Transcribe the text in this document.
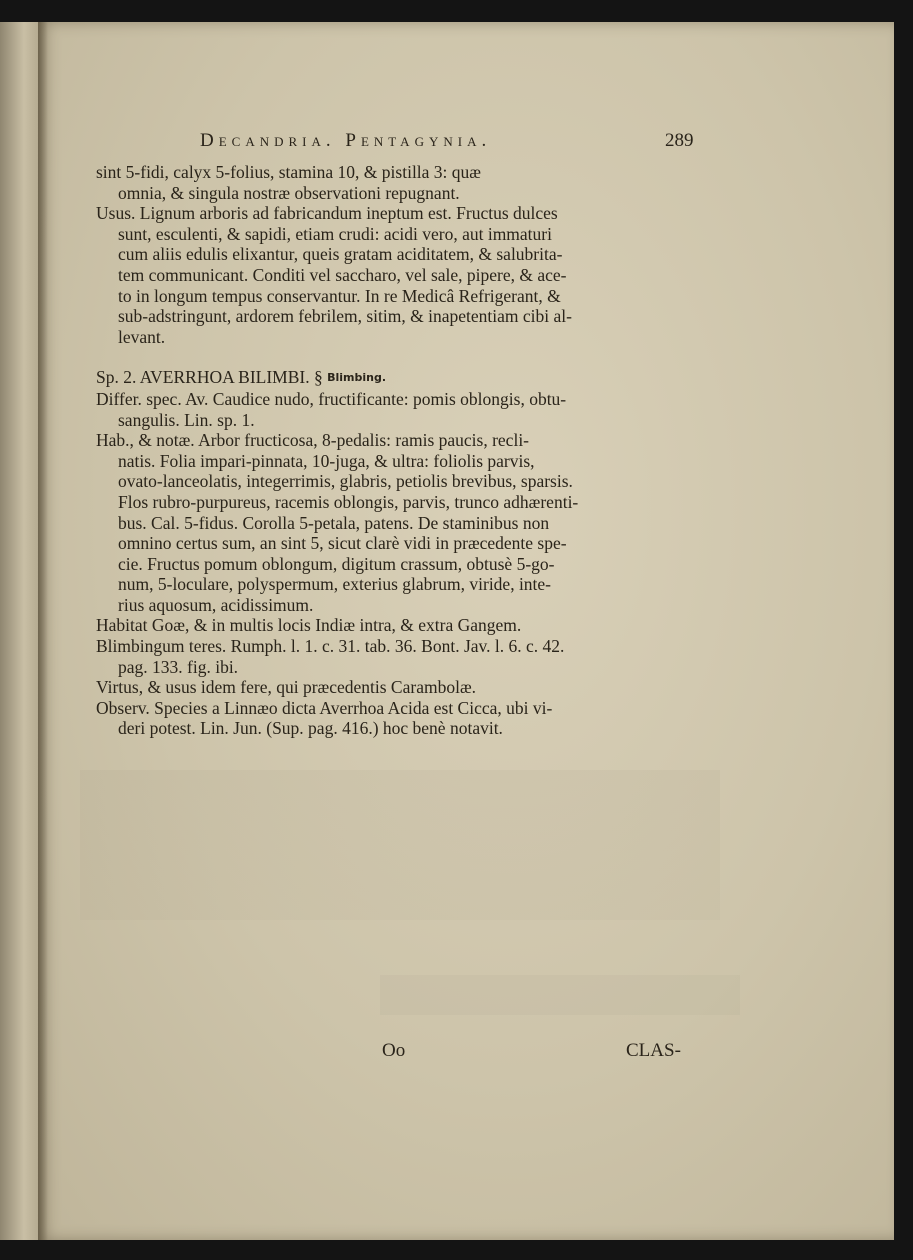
Decandria. Pentagynia.	289
sint 5-fidi, calyx 5-folius, stamina 10, & pistilla 3: quæ
omnia, & singula nostræ observationi repugnant.
Usus. Lignum arboris ad fabricandum ineptum est. Fructus dulces
sunt, esculenti, & sapidi, etiam crudi: acidi vero, aut immaturi
cum aliis edulis elixantur, queis gratam aciditatem, & salubrita-
tem communicant. Conditi vel saccharo, vel sale, pipere, & ace-
to in longum tempus conservantur. In re Medicâ Refrigerant, &
sub-adstringunt, ardorem febrilem, sitim, & inapetentiam cibi al-
levant.
Sp. 2. AVERRHOA BILIMBI. § Blimbing.
Differ. spec. Av. Caudice nudo, fructificante: pomis oblongis, obtu-
sangulis. Lin. sp. 1.
Hab., & notæ. Arbor fructicosa, 8-pedalis: ramis paucis, recli-
natis. Folia impari-pinnata, 10-juga, & ultra: foliolis parvis,
ovato-lanceolatis, integerrimis, glabris, petiolis brevibus, sparsis.
Flos rubro-purpureus, racemis oblongis, parvis, trunco adhærenti-
bus. Cal. 5-fidus. Corolla 5-petala, patens. De staminibus non
omnino certus sum, an sint 5, sicut clarè vidi in præcedente spe-
cie. Fructus pomum oblongum, digitum crassum, obtusè 5-go-
num, 5-loculare, polyspermum, exterius glabrum, viride, inte-
rius aquosum, acidissimum.
Habitat Goæ, & in multis locis Indiæ intra, & extra Gangem.
Blimbingum teres. Rumph. l. 1. c. 31. tab. 36. Bont. Jav. l. 6. c. 42.
pag. 133. fig. ibi.
Virtus, & usus idem fere, qui præcedentis Carambolæ.
Observ. Species a Linnæo dicta Averrhoa Acida est Cicca, ubi vi-
deri potest. Lin. Jun. (Sup. pag. 416.) hoc benè notavit.
Oo	CLAS-
